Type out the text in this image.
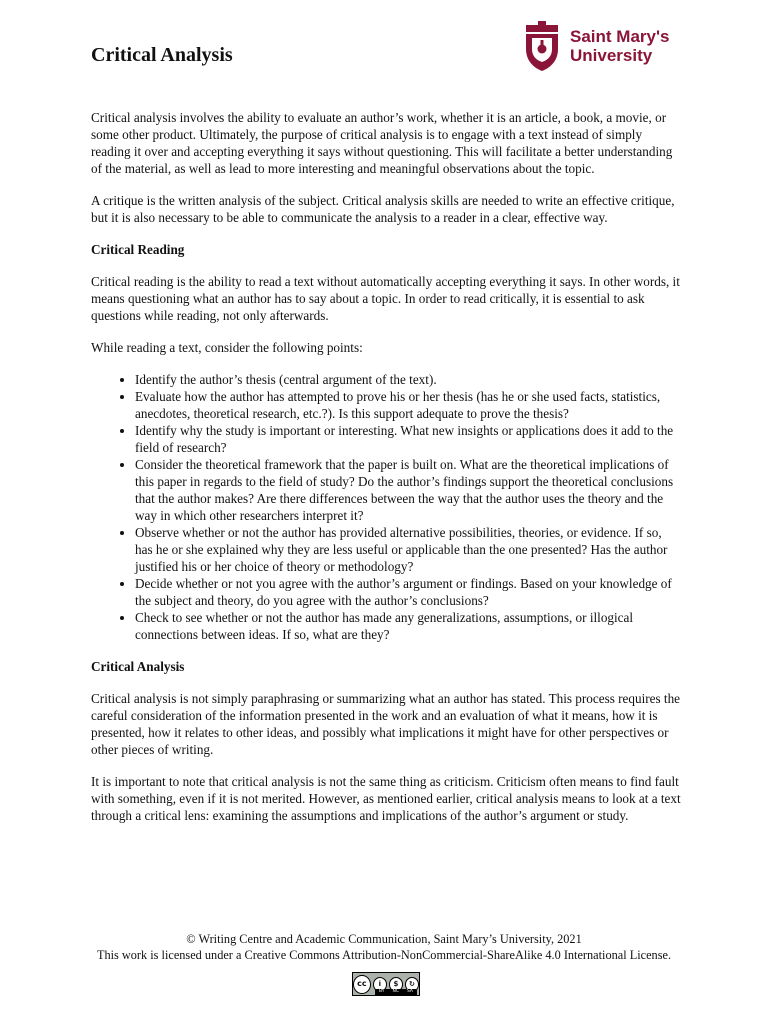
Critical Analysis
Saint Mary's
University

Critical analysis involves the ability to evaluate an author’s work, whether it is an article, a book, a movie, or some other product. Ultimately, the purpose of critical analysis is to engage with a text instead of simply reading it over and accepting everything it says without questioning. This will facilitate a better understanding of the material, as well as lead to more interesting and meaningful observations about the topic.

A critique is the written analysis of the subject. Critical analysis skills are needed to write an effective critique, but it is also necessary to be able to communicate the analysis to a reader in a clear, effective way.

Critical Reading

Critical reading is the ability to read a text without automatically accepting everything it says. In other words, it means questioning what an author has to say about a topic. In order to read critically, it is essential to ask questions while reading, not only afterwards.

While reading a text, consider the following points:

• Identify the author’s thesis (central argument of the text).
• Evaluate how the author has attempted to prove his or her thesis (has he or she used facts, statistics, anecdotes, theoretical research, etc.?). Is this support adequate to prove the thesis?
• Identify why the study is important or interesting. What new insights or applications does it add to the field of research?
• Consider the theoretical framework that the paper is built on. What are the theoretical implications of this paper in regards to the field of study? Do the author’s findings support the theoretical conclusions that the author makes? Are there differences between the way that the author uses the theory and the way in which other researchers interpret it?
• Observe whether or not the author has provided alternative possibilities, theories, or evidence. If so, has he or she explained why they are less useful or applicable than the one presented? Has the author justified his or her choice of theory or methodology?
• Decide whether or not you agree with the author’s argument or findings. Based on your knowledge of the subject and theory, do you agree with the author’s conclusions?
• Check to see whether or not the author has made any generalizations, assumptions, or illogical connections between ideas. If so, what are they?
Critical Analysis

Critical analysis is not simply paraphrasing or summarizing what an author has stated. This process requires the careful consideration of the information presented in the work and an evaluation of what it means, how it is presented, how it relates to other ideas, and possibly what implications it might have for other perspectives or other pieces of writing.

It is important to note that critical analysis is not the same thing as criticism. Criticism often means to find fault with something, even if it is not merited. However, as mentioned earlier, critical analysis means to look at a text through a critical lens: examining the assumptions and implications of the author’s argument or study.

© Writing Centre and Academic Communication, Saint Mary’s University, 2021
This work is licensed under a Creative Commons Attribution-NonCommercial-ShareAlike 4.0 International License.
cc	i	$	↻
BY NC SA
